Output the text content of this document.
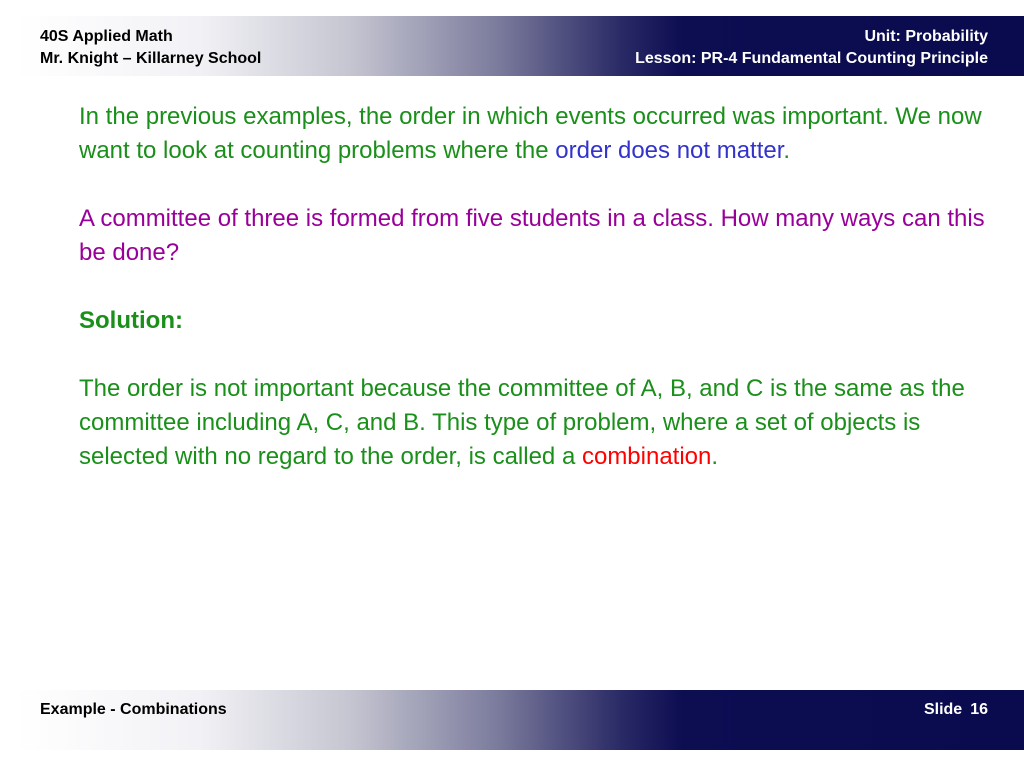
40S Applied Math
Mr. Knight – Killarney School
Unit: Probability
Lesson: PR-4 Fundamental Counting Principle

In the previous examples, the order in which events occurred was important. We now want to look at counting problems where the order does not matter.

A committee of three is formed from five students in a class. How many ways can this be done?

Solution:

The order is not important because the committee of A, B, and C is the same as the committee including A, C, and B. This type of problem, where a set of objects is selected with no regard to the order, is called a combination.

Example - Combinations	Slide 16
